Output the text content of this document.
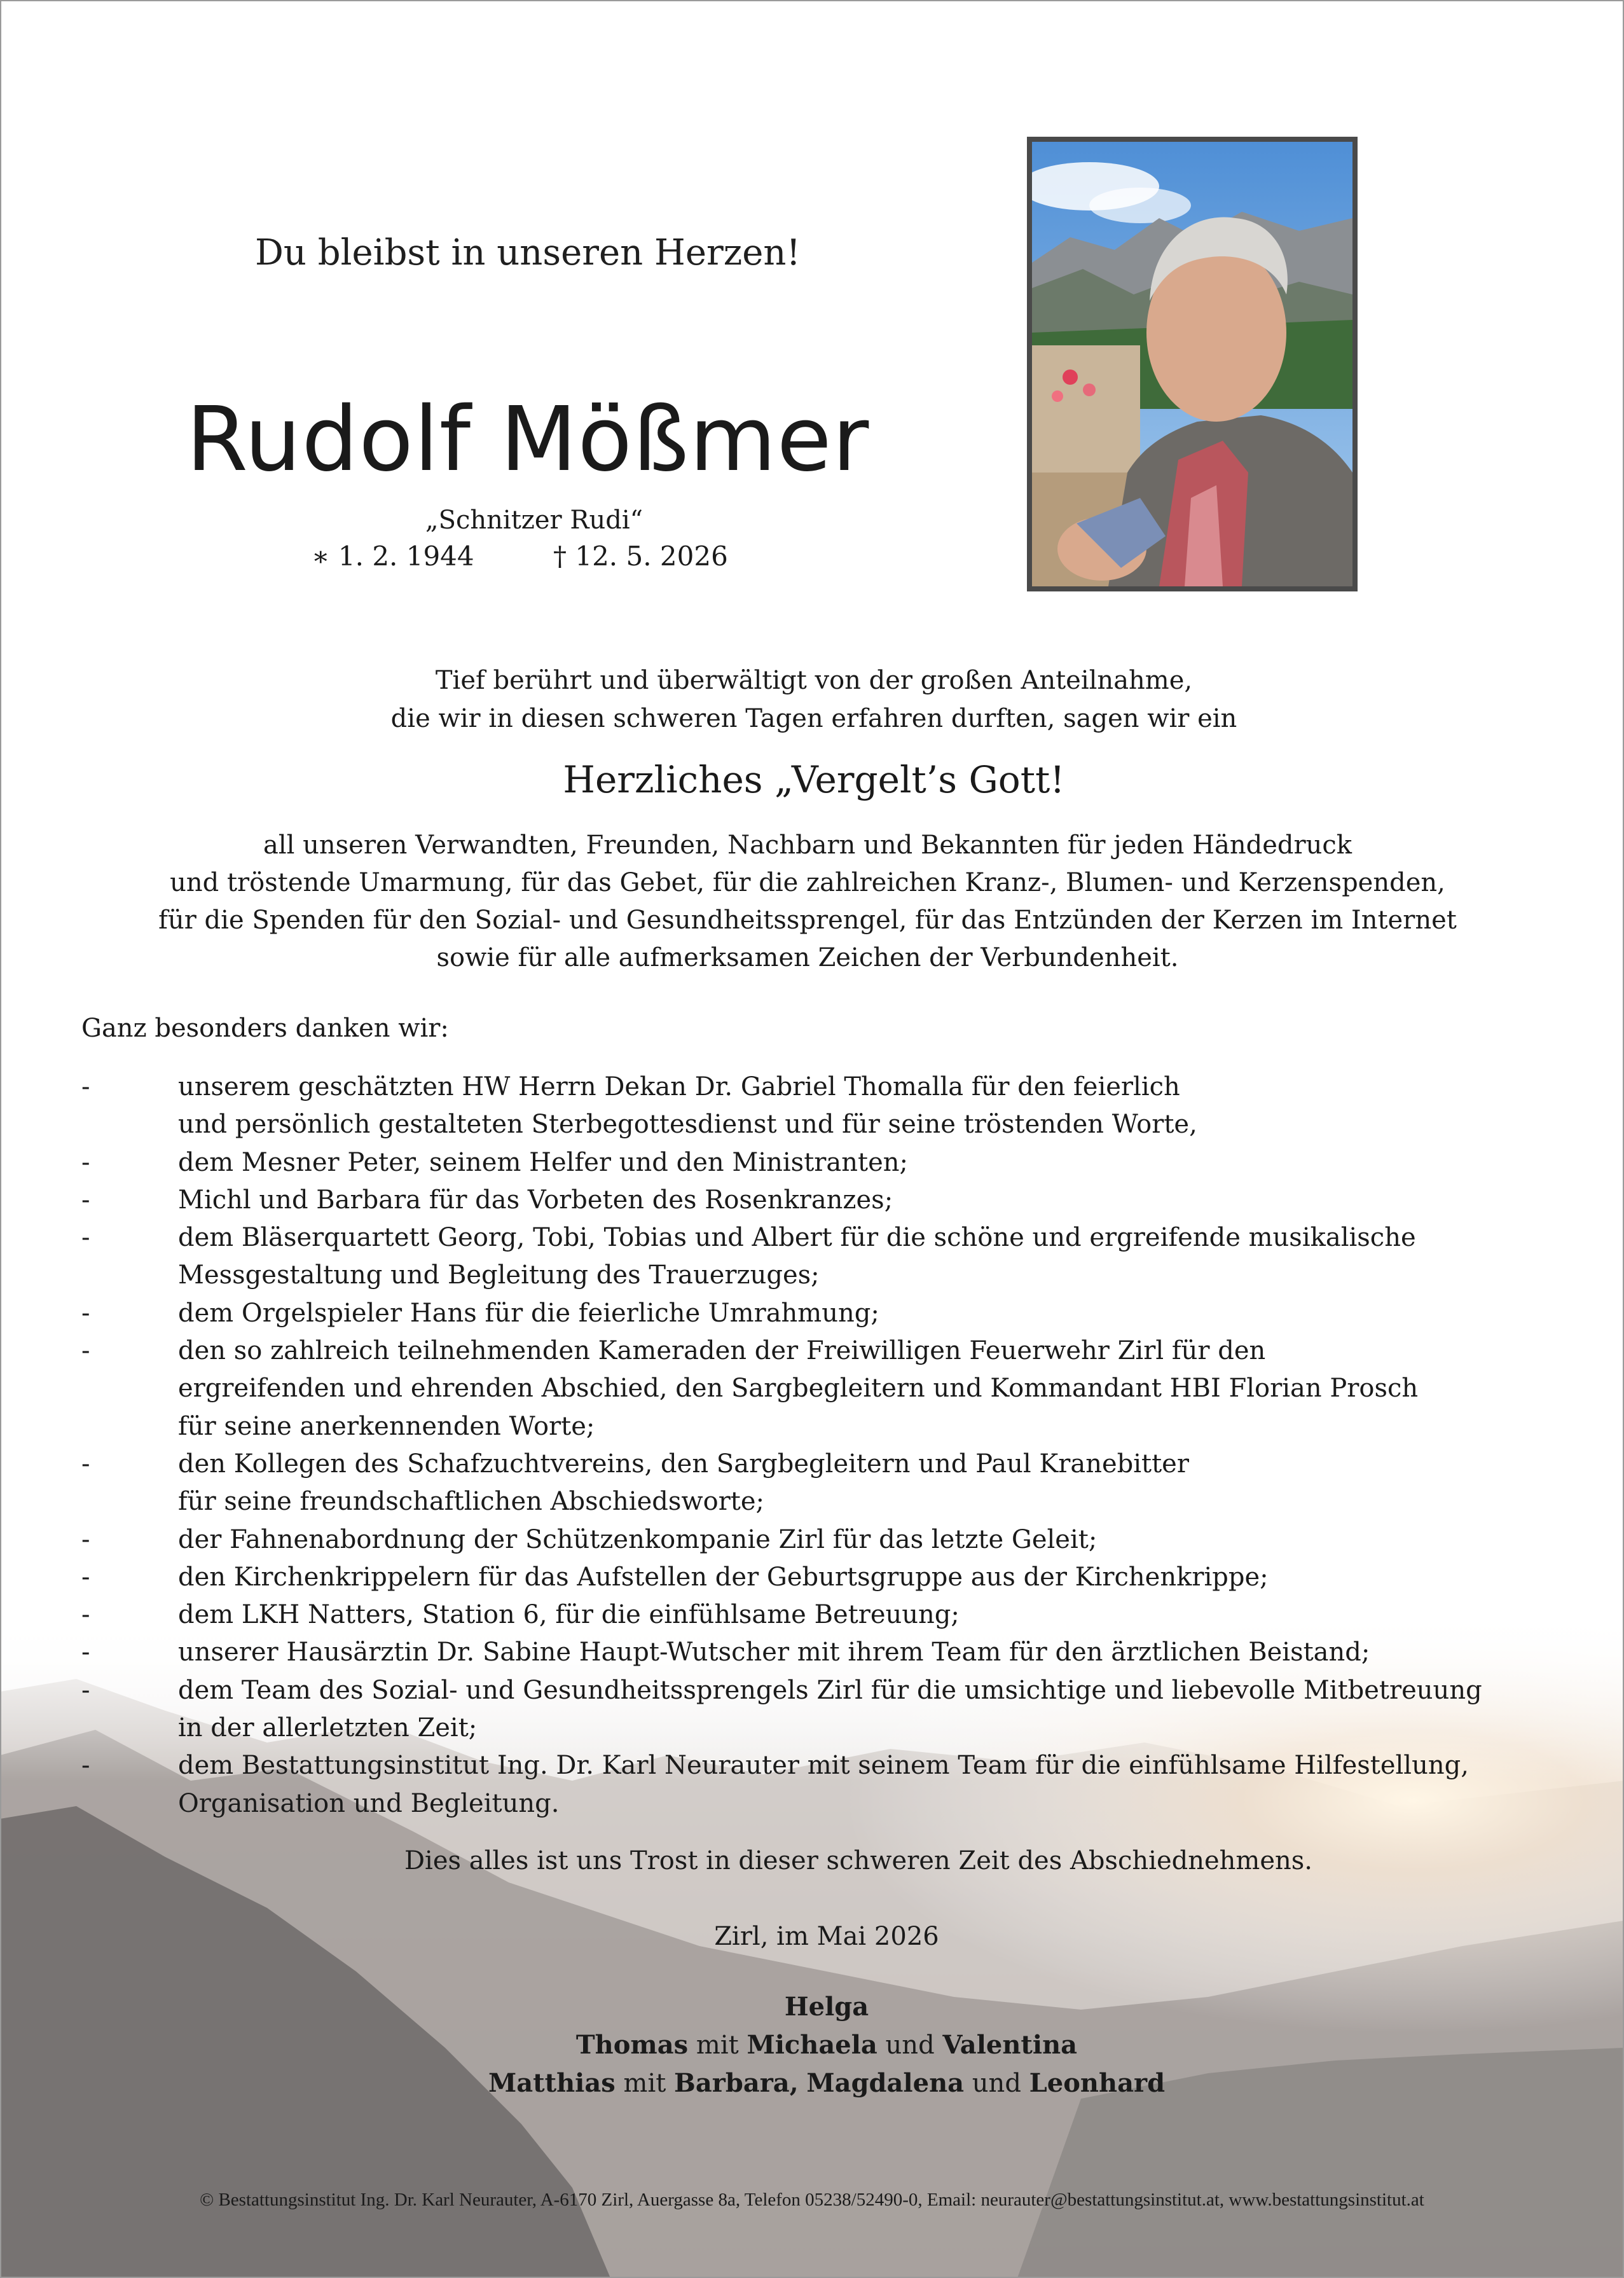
Du bleibst in unseren Herzen!
Rudolf Mößmer
„Schnitzer Rudi“
∗ 1. 2. 1944	† 12. 5. 2026
Tief berührt und überwältigt von der großen Anteilnahme,
die wir in diesen schweren Tagen erfahren durften, sagen wir ein
Herzliches „Vergelt’s Gott!
all unseren Verwandten, Freunden, Nachbarn und Bekannten für jeden Händedruck
und tröstende Umarmung, für das Gebet, für die zahlreichen Kranz-, Blumen- und Kerzenspenden,
für die Spenden für den Sozial- und Gesundheitssprengel, für das Entzünden der Kerzen im Internet
sowie für alle aufmerksamen Zeichen der Verbundenheit.
Ganz besonders danken wir:
-	unserem geschätzten HW Herrn Dekan Dr. Gabriel Thomalla für den feierlich
und persönlich gestalteten Sterbegottesdienst und für seine tröstenden Worte,
-	dem Mesner Peter, seinem Helfer und den Ministranten;
-	Michl und Barbara für das Vorbeten des Rosenkranzes;
-	dem Bläserquartett Georg, Tobi, Tobias und Albert für die schöne und ergreifende musikalische
Messgestaltung und Begleitung des Trauerzuges;
-	dem Orgelspieler Hans für die feierliche Umrahmung;
-	den so zahlreich teilnehmenden Kameraden der Freiwilligen Feuerwehr Zirl für den
ergreifenden und ehrenden Abschied, den Sargbegleitern und Kommandant HBI Florian Prosch
für seine anerkennenden Worte;
-	den Kollegen des Schafzuchtvereins, den Sargbegleitern und Paul Kranebitter
für seine freundschaftlichen Abschiedsworte;
-	der Fahnenabordnung der Schützenkompanie Zirl für das letzte Geleit;
-	den Kirchenkrippelern für das Aufstellen der Geburtsgruppe aus der Kirchenkrippe;
-	dem LKH Natters, Station 6, für die einfühlsame Betreuung;
-	unserer Hausärztin Dr. Sabine Haupt-Wutscher mit ihrem Team für den ärztlichen Beistand;
-	dem Team des Sozial- und Gesundheitssprengels Zirl für die umsichtige und liebevolle Mitbetreuung
in der allerletzten Zeit;
-	dem Bestattungsinstitut Ing. Dr. Karl Neurauter mit seinem Team für die einfühlsame Hilfestellung,
Organisation und Begleitung.
Dies alles ist uns Trost in dieser schweren Zeit des Abschiednehmens.
Zirl, im Mai 2026
Helga
Thomas mit Michaela und Valentina
Matthias mit Barbara, Magdalena und Leonhard
© Bestattungsinstitut Ing. Dr. Karl Neurauter, A-6170 Zirl, Auergasse 8a, Telefon 05238/52490-0, Email: neurauter@bestattungsinstitut.at, www.bestattungsinstitut.at
